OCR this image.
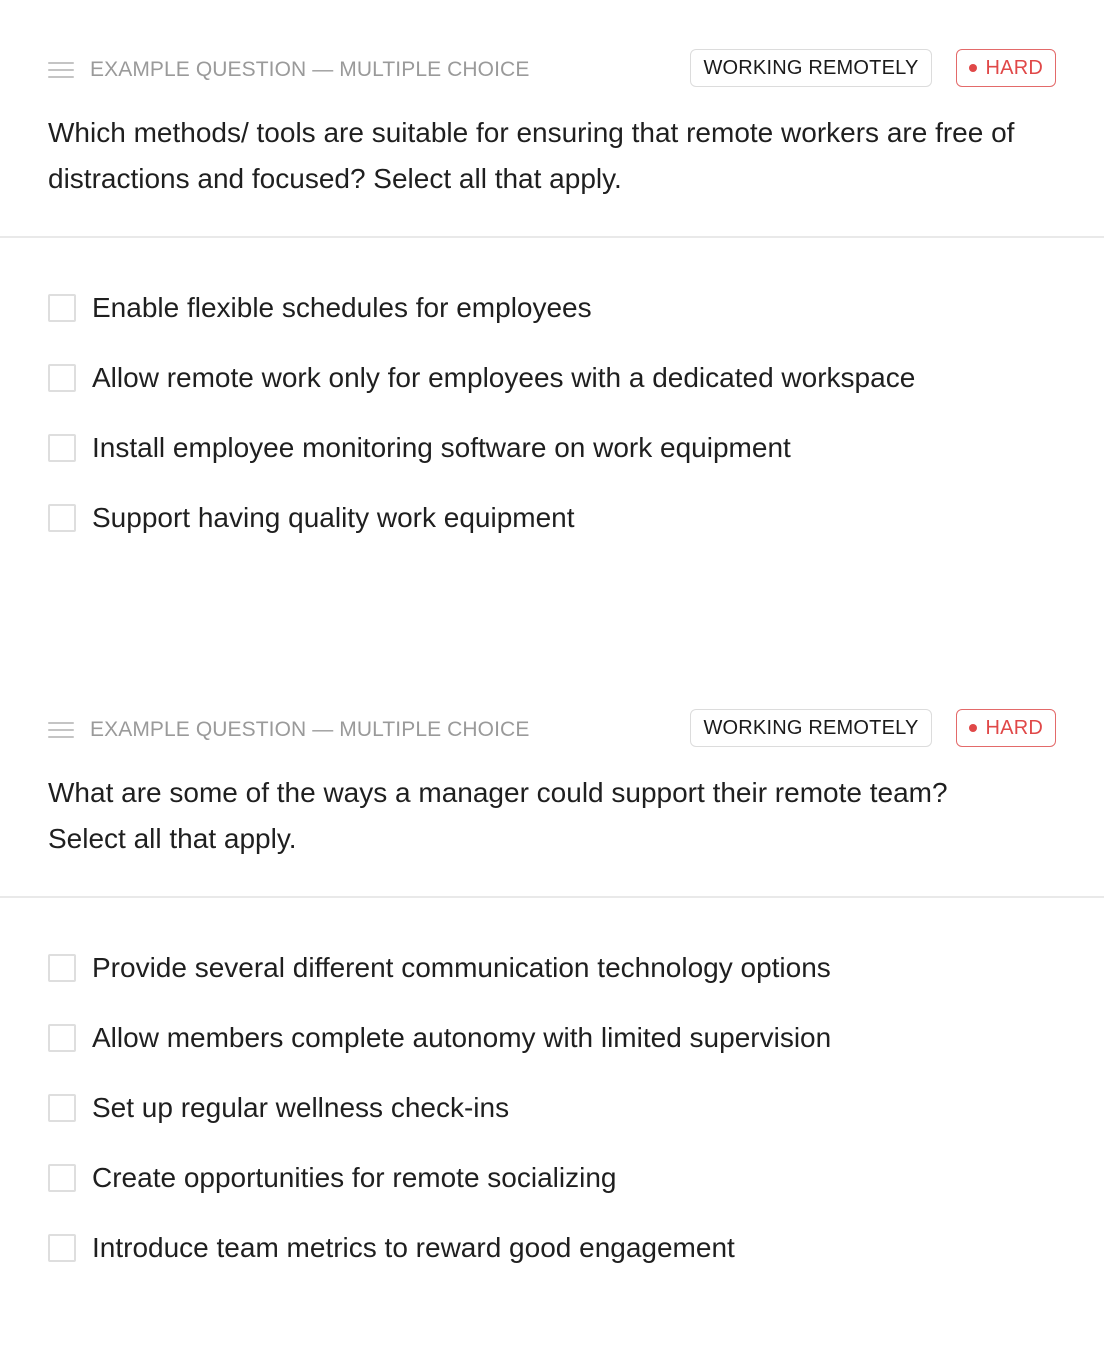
EXAMPLE QUESTION — MULTIPLE CHOICE	WORKING REMOTELY	HARD
Which methods/ tools are suitable for ensuring that remote workers are free of distractions and focused? Select all that apply.
Enable flexible schedules for employees
Allow remote work only for employees with a dedicated workspace
Install employee monitoring software on work equipment
Support having quality work equipment
EXAMPLE QUESTION — MULTIPLE CHOICE	WORKING REMOTELY	HARD
What are some of the ways a manager could support their remote team? Select all that apply.
Provide several different communication technology options
Allow members complete autonomy with limited supervision
Set up regular wellness check-ins
Create opportunities for remote socializing
Introduce team metrics to reward good engagement
